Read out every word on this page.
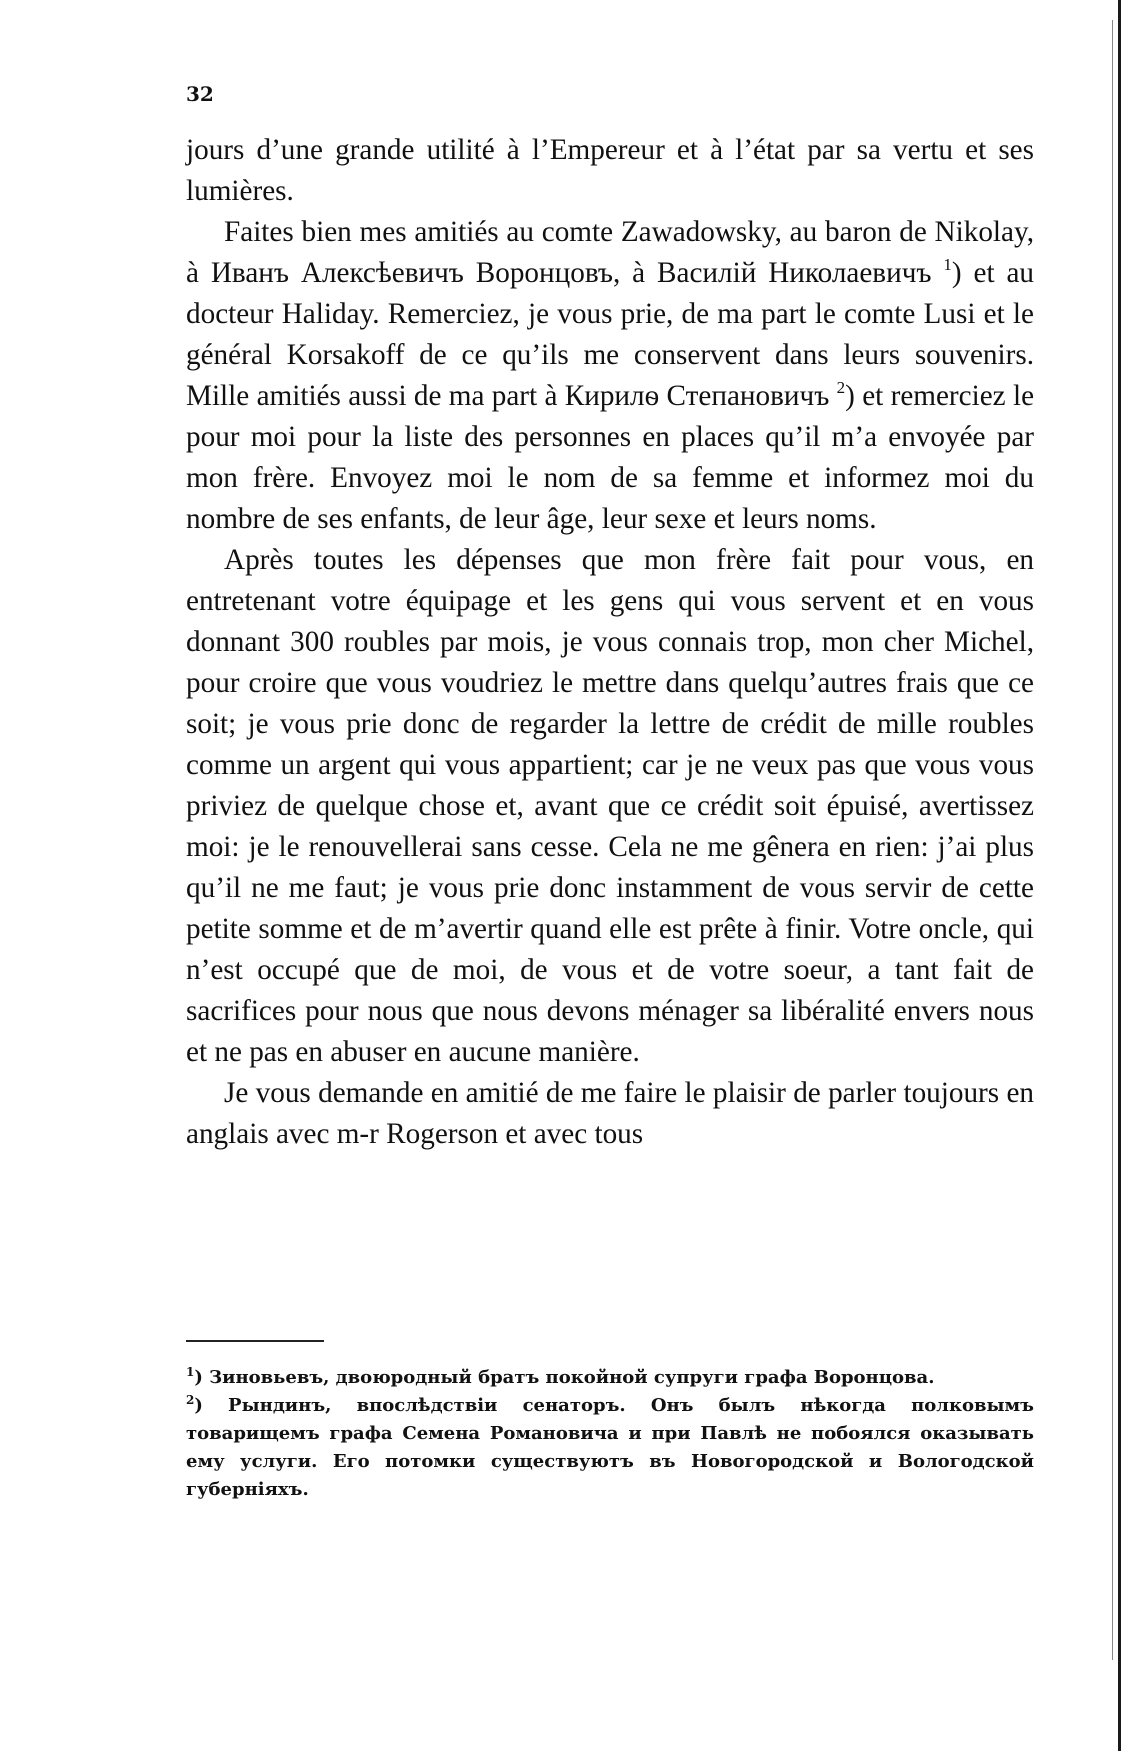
32

jours d’une grande utilité à l’Empereur et à l’état par sa vertu et ses lumières.

Faites bien mes amitiés au comte Zawadowsky, au baron de Nikolay, à Иванъ Алексѣевичъ Воронцовъ, à Василій Николаевичъ $^1$) et au docteur Haliday. Remerciez, je vous prie, de ma part le comte Lusi et le général Korsakoff de ce qu’ils me conservent dans leurs souvenirs. Mille amitiés aussi de ma part à Кирилѳ Степановичъ $^2$) et remerciez le pour moi pour la liste des personnes en places qu’il m’a envoyée par mon frère. Envoyez moi le nom de sa femme et informez moi du nombre de ses enfants, de leur âge, leur sexe et leurs noms.

Après toutes les dépenses que mon frère fait pour vous, en entretenant votre équipage et les gens qui vous servent et en vous donnant 300 roubles par mois, je vous connais trop, mon cher Michel, pour croire que vous voudriez le mettre dans quelqu’autres frais que ce soit; je vous prie donc de regarder la lettre de crédit de mille roubles comme un argent qui vous appartient; car je ne veux pas que vous vous priviez de quelque chose et, avant que ce crédit soit épuisé, avertissez moi: je le renouvellerai sans cesse. Cela ne me gênera en rien: j’ai plus qu’il ne me faut; je vous prie donc instamment de vous servir de cette petite somme et de m’avertir quand elle est prête à finir. Votre oncle, qui n’est occupé que de moi, de vous et de votre soeur, a tant fait de sacrifices pour nous que nous devons ménager sa libéralité envers nous et ne pas en abuser en aucune manière.

Je vous demande en amitié de me faire le plaisir de parler toujours en anglais avec m-r Rogerson et avec tous

$^1$) Зиновьевъ, двоюродный братъ покойной супруги графа Воронцова.

$^2$) Рындинъ, впослѣдствіи сенаторъ. Онъ былъ нѣкогда полковымъ товарищемъ графа Семена Романовича и при Павлѣ не побоялся оказывать ему услуги. Его потомки существуютъ въ Новогородской и Вологодской губерніяхъ.
